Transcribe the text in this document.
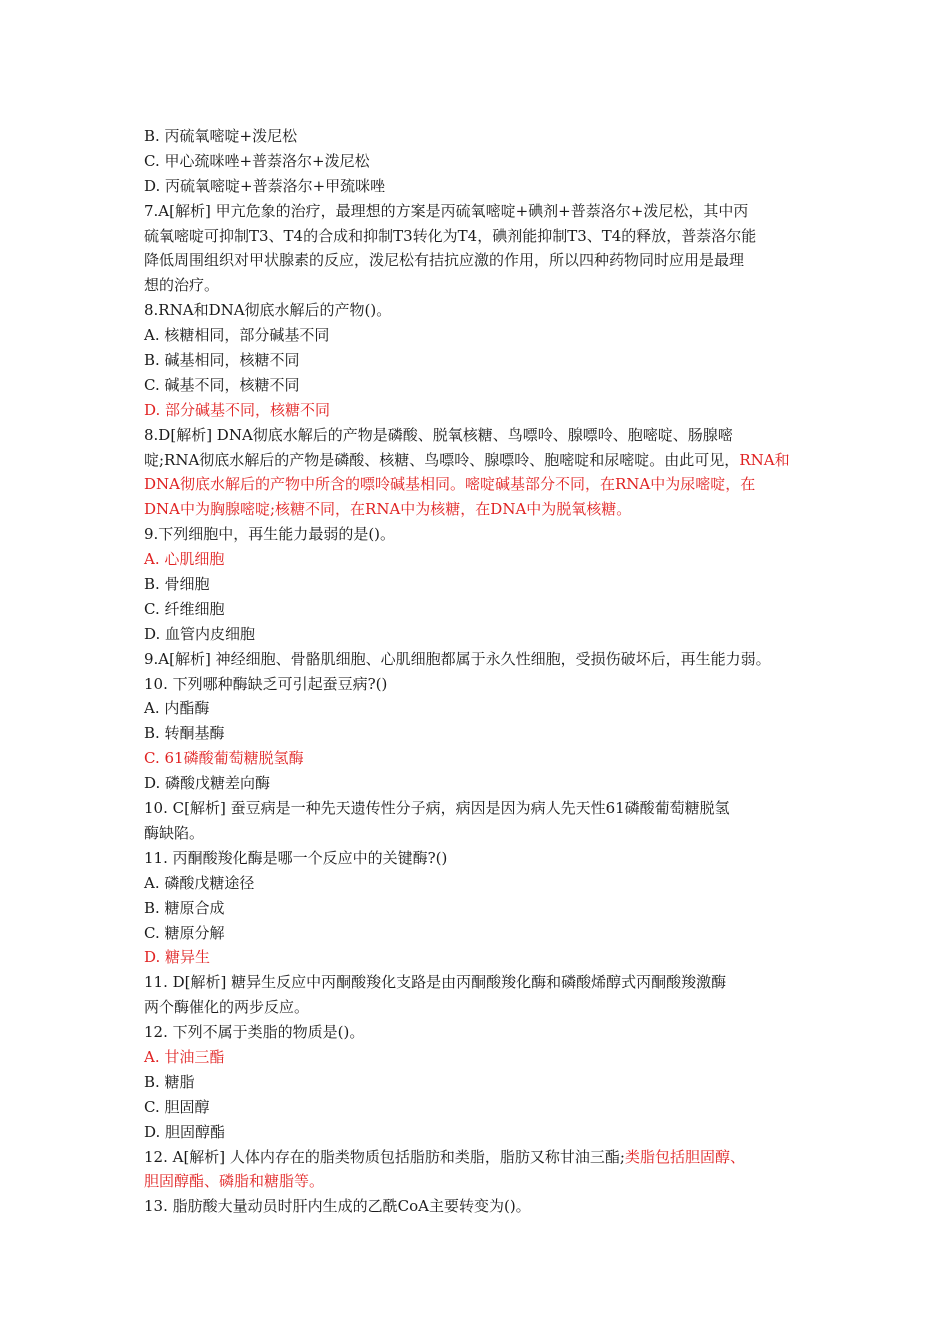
B. 丙硫氧嘧啶+泼尼松
C. 甲心巯咪唑+普萘洛尔+泼尼松
D. 丙硫氧嘧啶+普萘洛尔+甲巯咪唑
7.A[解析] 甲亢危象的治疗，最理想的方案是丙硫氧嘧啶+碘剂+普萘洛尔+泼尼松，其中丙
硫氧嘧啶可抑制T3、T4的合成和抑制T3转化为T4，碘剂能抑制T3、T4的释放，普萘洛尔能
降低周围组织对甲状腺素的反应，泼尼松有拮抗应激的作用，所以四种药物同时应用是最理
想的治疗。
8.RNA和DNA彻底水解后的产物()。
A. 核糖相同，部分碱基不同
B. 碱基相同，核糖不同
C. 碱基不同，核糖不同
D. 部分碱基不同，核糖不同
8.D[解析] DNA彻底水解后的产物是磷酸、脱氧核糖、鸟嘌呤、腺嘌呤、胞嘧啶、肠腺嘧
啶;RNA彻底水解后的产物是磷酸、核糖、鸟嘌呤、腺嘌呤、胞嘧啶和尿嘧啶。由此可见，RNA和
DNA彻底水解后的产物中所含的嘌呤碱基相同。嘧啶碱基部分不同，在RNA中为尿嘧啶，在
DNA中为胸腺嘧啶;核糖不同，在RNA中为核糖，在DNA中为脱氧核糖。
9.下列细胞中，再生能力最弱的是()。
A. 心肌细胞
B. 骨细胞
C. 纤维细胞
D. 血管内皮细胞
9.A[解析] 神经细胞、骨骼肌细胞、心肌细胞都属于永久性细胞，受损伤破坏后，再生能力弱。
10. 下列哪种酶缺乏可引起蚕豆病?()
A. 内酯酶
B. 转酮基酶
C. 61磷酸葡萄糖脱氢酶
D. 磷酸戊糖差向酶
10. C[解析] 蚕豆病是一种先天遗传性分子病，病因是因为病人先天性61磷酸葡萄糖脱氢
酶缺陷。
11. 丙酮酸羧化酶是哪一个反应中的关键酶?()
A. 磷酸戊糖途径
B. 糖原合成
C. 糖原分解
D. 糖异生
11. D[解析] 糖异生反应中丙酮酸羧化支路是由丙酮酸羧化酶和磷酸烯醇式丙酮酸羧激酶
两个酶催化的两步反应。
12. 下列不属于类脂的物质是()。
A. 甘油三酯
B. 糖脂
C. 胆固醇
D. 胆固醇酯
12. A[解析] 人体内存在的脂类物质包括脂肪和类脂，脂肪又称甘油三酯;类脂包括胆固醇、
胆固醇酯、磷脂和糖脂等。
13. 脂肪酸大量动员时肝内生成的乙酰CoA主要转变为()。
